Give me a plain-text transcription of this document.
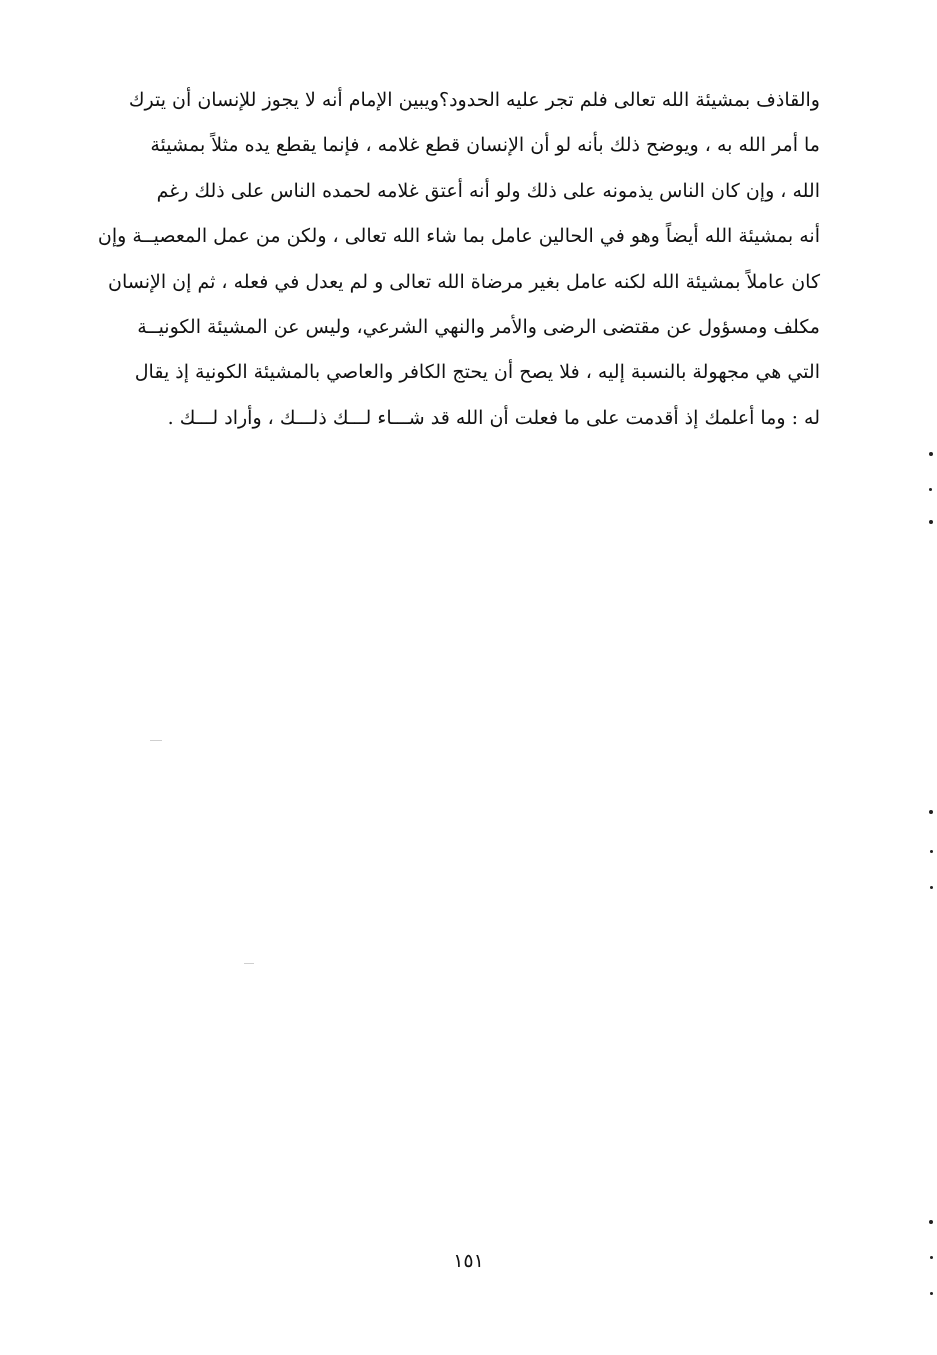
والقاذف بمشيئة الله تعالى فلم تجر عليه الحدود؟ويبين الإمام أنه لا يجوز للإنسان أن يترك
ما أمر الله به ، ويوضح ذلك بأنه لو أن الإنسان قطع غلامه ، فإنما يقطع يده مثلاً بمشيئة
الله ، وإن كان الناس يذمونه على ذلك ولو أنه أعتق غلامه لحمده الناس على ذلك رغم
أنه بمشيئة الله أيضاً وهو في الحالين عامل بما شاء الله تعالى ، ولكن من عمل المعصيــة وإن
كان عاملاً بمشيئة الله لكنه عامل بغير مرضاة الله تعالى و لم يعدل في فعله ، ثم إن الإنسان
مكلف ومسؤول عن مقتضى الرضى والأمر والنهي الشرعي، وليس عن المشيئة الكونيــة
التي هي مجهولة بالنسبة إليه ، فلا يصح أن يحتج الكافر والعاصي بالمشيئة الكونية إذ يقال
له : وما أعلمك إذ أقدمت على ما فعلت أن الله قد شـــاء لـــك ذلـــك ، وأراد لـــك .
١٥١
